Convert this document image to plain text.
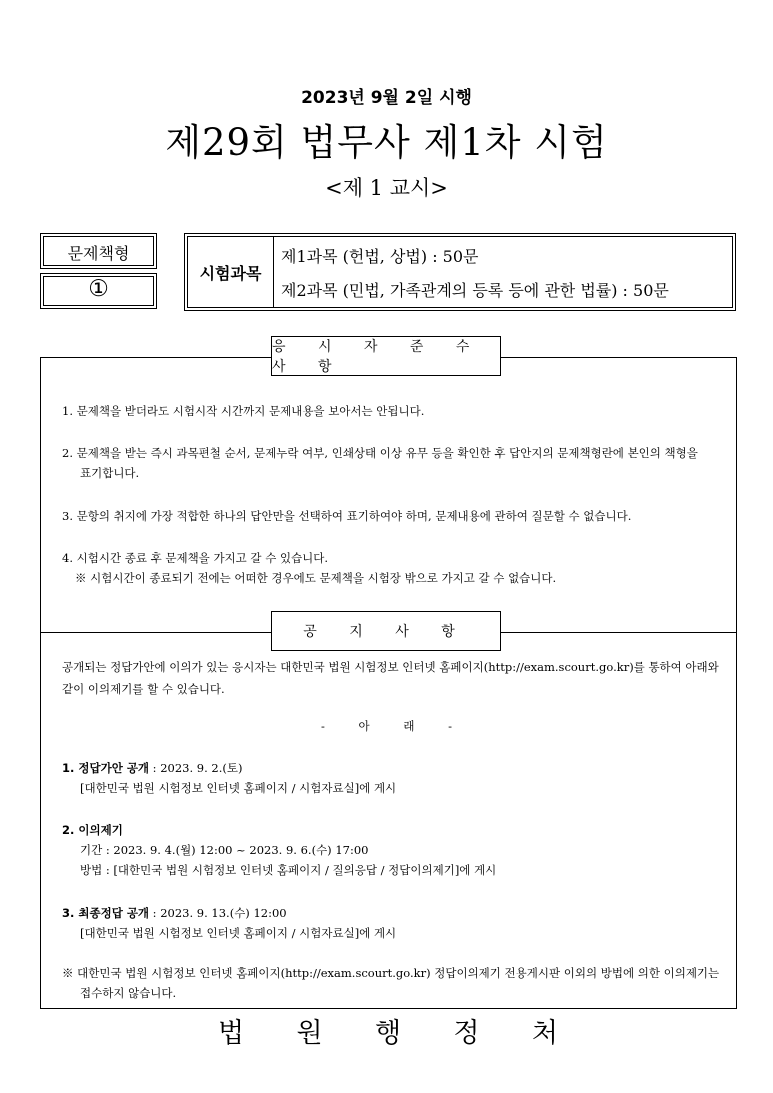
2023년 9월 2일 시행
제29회 법무사 제1차 시험
<제 1 교시>
문제책형
①
시험과목
제1과목 (헌법, 상법) : 50문
제2과목 (민법, 가족관계의 등록 등에 관한 법률) : 50문
응 시 자 준 수 사 항
1. 문제책을 받더라도 시험시작 시간까지 문제내용을 보아서는 안됩니다.
2. 문제책을 받는 즉시 과목편철 순서, 문제누락 여부, 인쇄상태 이상 유무 등을 확인한 후 답안지의 문제책형란에 본인의 책형을
표기합니다.
3. 문항의 취지에 가장 적합한 하나의 답안만을 선택하여 표기하여야 하며, 문제내용에 관하여 질문할 수 없습니다.
4. 시험시간 종료 후 문제책을 가지고 갈 수 있습니다.
※ 시험시간이 종료되기 전에는 어떠한 경우에도 문제책을 시험장 밖으로 가지고 갈 수 없습니다.
공 지 사 항
공개되는 정답가안에 이의가 있는 응시자는 대한민국 법원 시험정보 인터넷 홈페이지(http://exam.scourt.go.kr)를 통하여 아래와
같이 이의제기를 할 수 있습니다.
- 아 래 -
1. 정답가안 공개 : 2023. 9. 2.(토)
[대한민국 법원 시험정보 인터넷 홈페이지 / 시험자료실]에 게시
2. 이의제기
기간 : 2023. 9. 4.(월) 12:00 ~ 2023. 9. 6.(수) 17:00
방법 : [대한민국 법원 시험정보 인터넷 홈페이지 / 질의응답 / 정답이의제기]에 게시
3. 최종정답 공개 : 2023. 9. 13.(수) 12:00
[대한민국 법원 시험정보 인터넷 홈페이지 / 시험자료실]에 게시
※ 대한민국 법원 시험정보 인터넷 홈페이지(http://exam.scourt.go.kr) 정답이의제기 전용게시판 이외의 방법에 의한 이의제기는
접수하지 않습니다.
법 원 행 정 처
